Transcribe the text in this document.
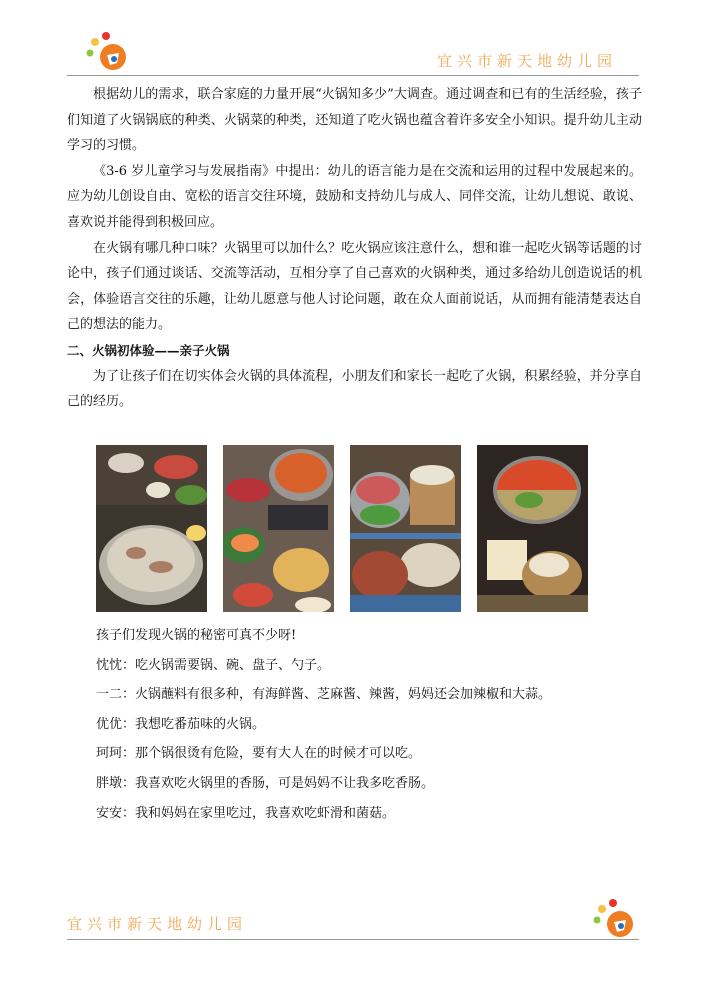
宜兴市新天地幼儿园

根据幼儿的需求，联合家庭的力量开展“火锅知多少”大调查。通过调查和已有的生活经验，孩子们知道了火锅锅底的种类、火锅菜的种类，还知道了吃火锅也蕴含着许多安全小知识。提升幼儿主动学习的习惯。

《3-6 岁儿童学习与发展指南》中提出：幼儿的语言能力是在交流和运用的过程中发展起来的。应为幼儿创设自由、宽松的语言交往环境，鼓励和支持幼儿与成人、同伴交流，让幼儿想说、敢说、喜欢说并能得到积极回应。

在火锅有哪几种口味？火锅里可以加什么？吃火锅应该注意什么，想和谁一起吃火锅等话题的讨论中，孩子们通过谈话、交流等活动，互相分享了自己喜欢的火锅种类，通过多给幼儿创造说话的机会，体验语言交往的乐趣，让幼儿愿意与他人讨论问题，敢在众人面前说话，从而拥有能清楚表达自己的想法的能力。

二、火锅初体验——亲子火锅

为了让孩子们在切实体会火锅的具体流程，小朋友们和家长一起吃了火锅，积累经验，并分享自己的经历。

孩子们发现火锅的秘密可真不少呀!

忱忱：吃火锅需要锅、碗、盘子、勺子。

一二：火锅蘸料有很多种，有海鲜酱、芝麻酱、辣酱，妈妈还会加辣椒和大蒜。

优优：我想吃番茄味的火锅。

珂珂：那个锅很烫有危险，要有大人在的时候才可以吃。

胖墩：我喜欢吃火锅里的香肠，可是妈妈不让我多吃香肠。

安安：我和妈妈在家里吃过，我喜欢吃虾滑和菌菇。

宜兴市新天地幼儿园
